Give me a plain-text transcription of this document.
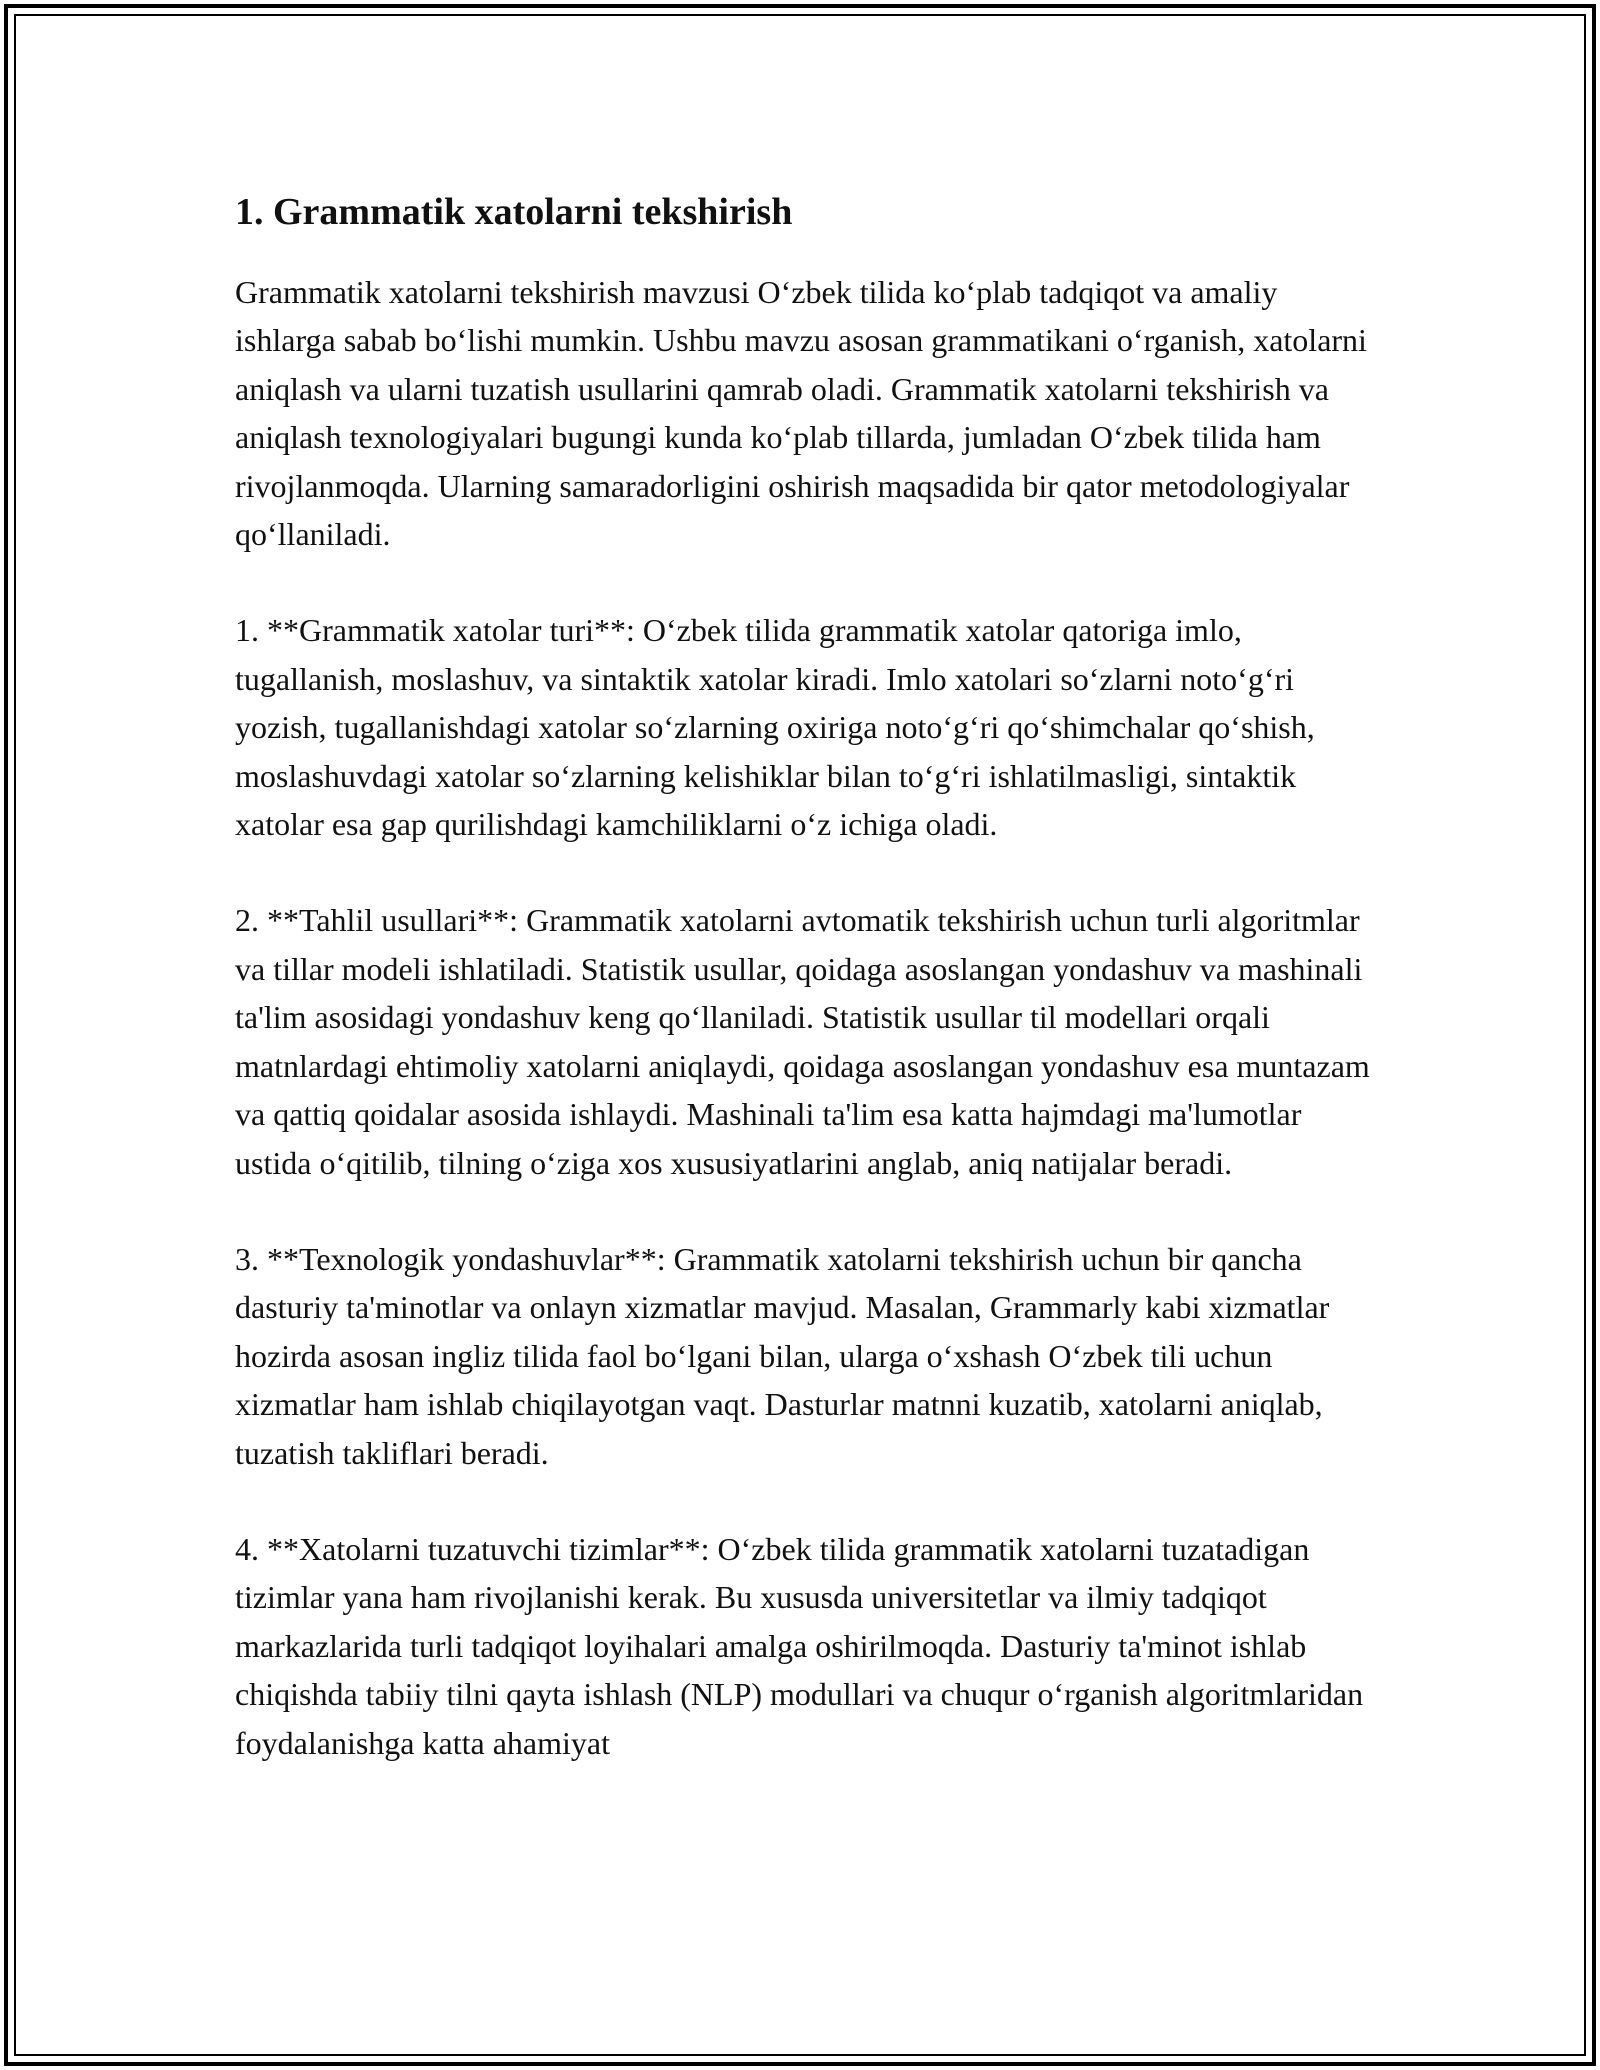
1. Grammatik xatolarni tekshirish

Grammatik xatolarni tekshirish mavzusi O‘zbek tilida ko‘plab tadqiqot va amaliy ishlarga sabab bo‘lishi mumkin. Ushbu mavzu asosan grammatikani o‘rganish, xatolarni aniqlash va ularni tuzatish usullarini qamrab oladi. Grammatik xatolarni tekshirish va aniqlash texnologiyalari bugungi kunda ko‘plab tillarda, jumladan O‘zbek tilida ham rivojlanmoqda. Ularning samaradorligini oshirish maqsadida bir qator metodologiyalar qo‘llaniladi.

1. **Grammatik xatolar turi**: O‘zbek tilida grammatik xatolar qatoriga imlo, tugallanish, moslashuv, va sintaktik xatolar kiradi. Imlo xatolari so‘zlarni noto‘g‘ri yozish, tugallanishdagi xatolar so‘zlarning oxiriga noto‘g‘ri qo‘shimchalar qo‘shish, moslashuvdagi xatolar so‘zlarning kelishiklar bilan to‘g‘ri ishlatilmasligi, sintaktik xatolar esa gap qurilishdagi kamchiliklarni o‘z ichiga oladi.

2. **Tahlil usullari**: Grammatik xatolarni avtomatik tekshirish uchun turli algoritmlar va tillar modeli ishlatiladi. Statistik usullar, qoidaga asoslangan yondashuv va mashinali ta'lim asosidagi yondashuv keng qo‘llaniladi. Statistik usullar til modellari orqali matnlardagi ehtimoliy xatolarni aniqlaydi, qoidaga asoslangan yondashuv esa muntazam va qattiq qoidalar asosida ishlaydi. Mashinali ta'lim esa katta hajmdagi ma'lumotlar ustida o‘qitilib, tilning o‘ziga xos xususiyatlarini anglab, aniq natijalar beradi.

3. **Texnologik yondashuvlar**: Grammatik xatolarni tekshirish uchun bir qancha dasturiy ta'minotlar va onlayn xizmatlar mavjud. Masalan, Grammarly kabi xizmatlar hozirda asosan ingliz tilida faol bo‘lgani bilan, ularga o‘xshash O‘zbek tili uchun xizmatlar ham ishlab chiqilayotgan vaqt. Dasturlar matnni kuzatib, xatolarni aniqlab, tuzatish takliflari beradi.

4. **Xatolarni tuzatuvchi tizimlar**: O‘zbek tilida grammatik xatolarni tuzatadigan tizimlar yana ham rivojlanishi kerak. Bu xususda universitetlar va ilmiy tadqiqot markazlarida turli tadqiqot loyihalari amalga oshirilmoqda. Dasturiy ta'minot ishlab chiqishda tabiiy tilni qayta ishlash (NLP) modullari va chuqur o‘rganish algoritmlaridan foydalanishga katta ahamiyat
